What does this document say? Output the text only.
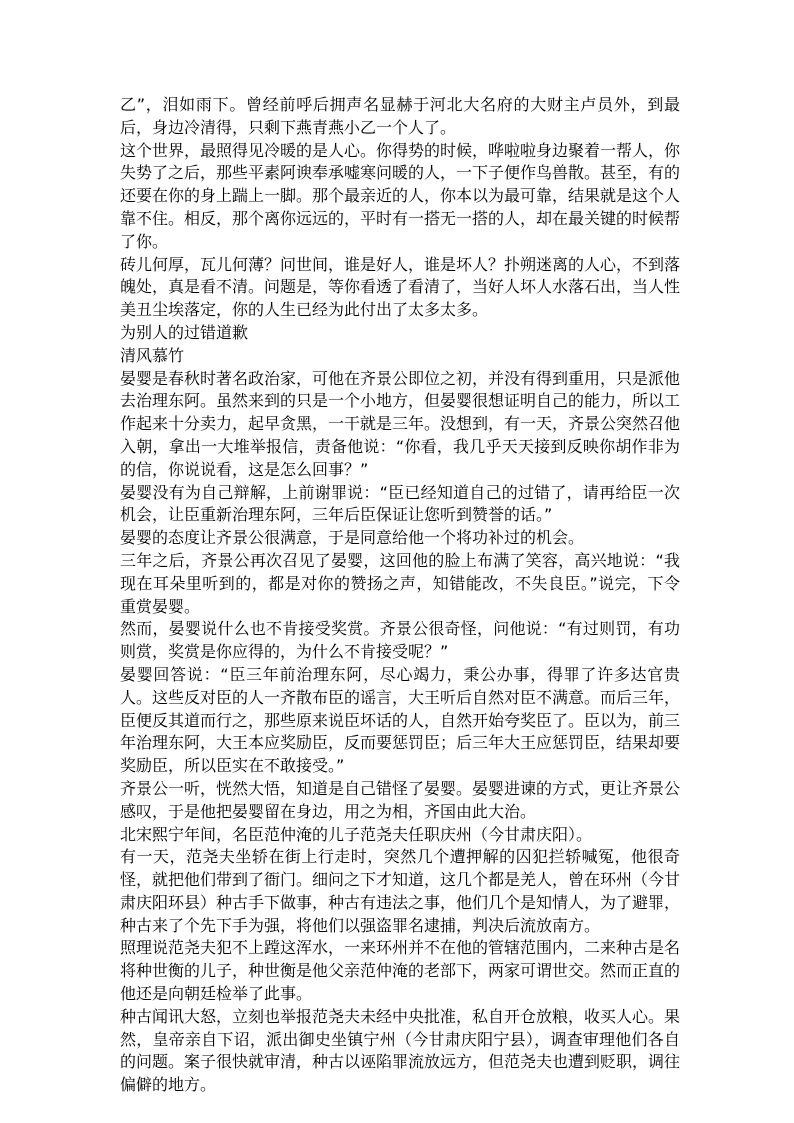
乙”，泪如雨下。曾经前呼后拥声名显赫于河北大名府的大财主卢员外，到最后，身边冷清得，只剩下燕青燕小乙一个人了。

这个世界，最照得见冷暖的是人心。你得势的时候，哗啦啦身边聚着一帮人，你失势了之后，那些平素阿谀奉承嘘寒问暖的人，一下子便作鸟兽散。甚至，有的还要在你的身上踹上一脚。那个最亲近的人，你本以为最可靠，结果就是这个人靠不住。相反，那个离你远远的，平时有一搭无一搭的人，却在最关键的时候帮了你。

砖儿何厚，瓦儿何薄？问世间，谁是好人，谁是坏人？扑朔迷离的人心，不到落魄处，真是看不清。问题是，等你看透了看清了，当好人坏人水落石出，当人性美丑尘埃落定，你的人生已经为此付出了太多太多。

为别人的过错道歉

清风慕竹

晏婴是春秋时著名政治家，可他在齐景公即位之初，并没有得到重用，只是派他去治理东阿。虽然来到的只是一个小地方，但晏婴很想证明自己的能力，所以工作起来十分卖力，起早贪黑，一干就是三年。没想到，有一天，齐景公突然召他入朝，拿出一大堆举报信，责备他说：“你看，我几乎天天接到反映你胡作非为的信，你说说看，这是怎么回事？”

晏婴没有为自己辩解，上前谢罪说：“臣已经知道自己的过错了，请再给臣一次机会，让臣重新治理东阿，三年后臣保证让您听到赞誉的话。”

晏婴的态度让齐景公很满意，于是同意给他一个将功补过的机会。

三年之后，齐景公再次召见了晏婴，这回他的脸上布满了笑容，高兴地说：“我现在耳朵里听到的，都是对你的赞扬之声，知错能改，不失良臣。”说完，下令重赏晏婴。

然而，晏婴说什么也不肯接受奖赏。齐景公很奇怪，问他说：“有过则罚，有功则赏，奖赏是你应得的，为什么不肯接受呢？”

晏婴回答说：“臣三年前治理东阿，尽心竭力，秉公办事，得罪了许多达官贵人。这些反对臣的人一齐散布臣的谣言，大王听后自然对臣不满意。而后三年，臣便反其道而行之，那些原来说臣坏话的人，自然开始夸奖臣了。臣以为，前三年治理东阿，大王本应奖励臣，反而要惩罚臣；后三年大王应惩罚臣，结果却要奖励臣，所以臣实在不敢接受。”

齐景公一听，恍然大悟，知道是自己错怪了晏婴。晏婴进谏的方式，更让齐景公感叹，于是他把晏婴留在身边，用之为相，齐国由此大治。

北宋熙宁年间，名臣范仲淹的儿子范尧夫任职庆州（今甘肃庆阳）。

有一天，范尧夫坐轿在街上行走时，突然几个遭押解的囚犯拦轿喊冤，他很奇怪，就把他们带到了衙门。细问之下才知道，这几个都是羌人，曾在环州（今甘肃庆阳环县）种古手下做事，种古有违法之事，他们几个是知情人，为了避罪，种古来了个先下手为强，将他们以强盗罪名逮捕，判决后流放南方。

照理说范尧夫犯不上蹚这浑水，一来环州并不在他的管辖范围内，二来种古是名将种世衡的儿子，种世衡是他父亲范仲淹的老部下，两家可谓世交。然而正直的他还是向朝廷检举了此事。

种古闻讯大怒，立刻也举报范尧夫未经中央批准，私自开仓放粮，收买人心。果然，皇帝亲自下诏，派出御史坐镇宁州（今甘肃庆阳宁县），调查审理他们各自的问题。案子很快就审清，种古以诬陷罪流放远方，但范尧夫也遭到贬职，调往偏僻的地方。
